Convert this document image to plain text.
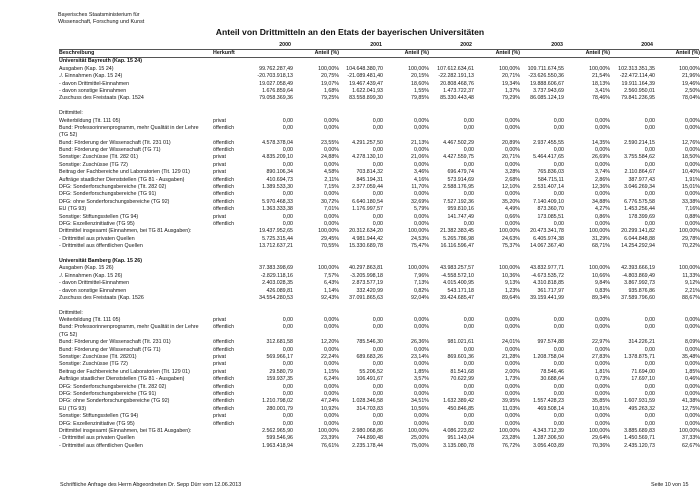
Bayerisches Staatsministerium für
Wissenschaft, Forschung und Kunst
Anteil von Drittmitteln an den Etats der bayerischen Universitäten
2000	2001	2002	2003	2004
Beschreibung	Herkunft	Anteil (%)	Anteil (%)	Anteil (%)	Anteil (%)	Anteil (%)
Universität Bayreuth (Kap. 15 24)
Ausgaben (Kap. 15 24)	99.762.287,49	100,00%	104.648.380,70	100,00%	107.612.634,61	100,00%	109.711.674,55	100,00%	102.313.351,35	100,00%
./. Einnahmen (Kap. 15 24)	-20.703.918,13	20,75%	-21.089.481,40	20,15%	-22.282.191,13	20,71%	-23.626.550,36	21,54%	-22.472.114,40	21,96%
- davon Drittmittel-Einnahmen	19.027.058,49	19,07%	19.467.439,47	18,60%	20.808.468,76	19,34%	19.888.606,67	18,13%	19.911.164,39	19,46%
- davon sonstige Einnahmen	1.676.859,64	1,68%	1.622.041,93	1,55%	1.473.722,37	1,37%	3.737.943,69	3,41%	2.560.950,01	2,50%
Zuschuss des Freistaats (Kap. 1524	79.058.369,36	79,25%	83.558.899,30	79,85%	85.330.443,48	79,29%	86.085.124,19	78,46%	79.841.236,95	78,04%
Drittmittel:
Weiterbildung (Tit. 111 05)	privat	0,00	0,00%	0,00	0,00%	0,00	0,00%	0,00	0,00%	0,00	0,00%
Bund: Professorinnenprogramm, mehr Qualität in der Lehre
(TG 52)
öffentlich	0,00	0,00%	0,00	0,00%	0,00	0,00%	0,00	0,00%	0,00	0,00%
Bund: Förderung der Wissenschaft (Tit. 231 01)	öffentlich	4.578.378,04	23,55%	4.291.257,50	21,13%	4.467.502,29	20,89%	2.937.455,55	14,35%	2.590.214,15	12,76%
Bund: Förderung der Wissenschaft (TG 71)	öffentlich	0,00	0,00%	0,00	0,00%	0,00	0,00%	0,00	0,00%	0,00	0,00%
Sonstige: Zuschüsse (Tit. 282 01)	privat	4.835.209,10	24,88%	4.278.130,10	21,06%	4.427.559,75	20,71%	5.464.417,65	26,69%	3.755.584,62	18,50%
Sonstige: Zuschüsse (TG 72)	privat	0,00	0,00%	0,00	0,00%	0,00	0,00%	0,00	0,00%	0,00	0,00%
Beitrag der Fachbereiche und Laboratorien (Tit. 129 01)	privat	890.106,34	4,58%	703.814,32	3,46%	696.479,74	3,28%	765.836,03	3,74%	2.110.864,67	10,40%
Aufträge staatlicher Dienststellen (TG 81 - Ausgaben)	öffentlich	410.694,73	2,11%	845.194,31	4,16%	573.914,69	2,68%	584.715,11	2,86%	387.977,43	1,91%
DFG: Sonderforschungsbereiche (Tit. 282 02)	öffentlich	1.389.533,30	7,15%	2.377.059,44	11,70%	2.588.176,95	12,10%	2.531.407,14	12,36%	3.046.269,34	15,01%
DFG: Sonderforschungsbereiche (TG 91)	öffentlich	0,00	0,00%	0,00	0,00%	0,00	0,00%	0,00	0,00%	0,00	0,00%
DFG: ohne Sonderforschungsbereiche (TG 92)	öffentlich	5.970.468,33	30,72%	6.640.180,54	32,69%	7.527.192,36	35,20%	7.140.409,10	34,88%	6.776.575,58	33,38%
EU (TG 93)	öffentlich	1.363.333,38	7,01%	1.176.997,57	5,79%	959.810,16	4,49%	873.360,70	4,27%	1.453.256,44	7,16%
Sonstige: Stiftungsstellen (TG 94)	privat	0,00	0,00%	0,00	0,00%	141.747,49	0,66%	173.085,51	0,86%	178.399,69	0,88%
DFG: Exzellenzinitiative (TG 95)	öffentlich	0,00	0,00%	0,00	0,00%	0,00	0,00%	0,00	0,00%	0,00	0,00%
Drittmittel insgesamt (Einnahmen, bei TG 81 Ausgaben):	19.437.952,65	100,00%	20.312.634,20	100,00%	21.382.383,45	100,00%	20.473.341,78	100,00%	20.299.141,82	100,00%
- Drittmittel aus privaten Quellen	5.725.315,44	29,45%	4.981.944,42	24,53%	5.265.786,98	24,63%	6.405.974,38	31,29%	6.044.848,88	29,78%
- Drittmittel aus öffentlichen Quellen	13.712.637,21	70,55%	15.330.689,78	75,47%	16.116.596,47	75,37%	14.067.367,40	68,71%	14.254.292,94	70,22%
Universität Bamberg (Kap. 15 26)
Ausgaben (Kap. 15 26)	37.383.398,69	100,00%	40.297.863,81	100,00%	43.983.257,57	100,00%	43.832.977,71	100,00%	42.393.666,19	100,00%
./. Einnahmen (Kap. 15 26)	-2.829.118,16	7,57%	-3.205.998,18	7,96%	-4.558.572,10	10,36%	-4.673.535,72	10,66%	-4.803.869,49	11,33%
- davon Drittmittel-Einnahmen	2.403.028,35	6,43%	2.873.577,19	7,13%	4.015.400,95	9,13%	4.310.818,85	9,84%	3.867.992,73	9,12%
- davon sonstige Einnahmen	426.089,81	1,14%	332.420,99	0,82%	543.171,18	1,23%	361.717,97	0,83%	935.876,86	2,21%
Zuschuss des Freistaats (Kap. 1526	34.554.280,53	92,43%	37.091.865,63	92,04%	39.424.685,47	89,64%	39.159.441,99	89,34%	37.589.796,60	88,67%
Drittmittel:
Weiterbildung (Tit. 111 05)	privat	0,00	0,00%	0,00	0,00%	0,00	0,00%	0,00	0,00%	0,00	0,00%
Bund: Professorinnenprogramm, mehr Qualität in der Lehre
(TG 52)
öffentlich	0,00	0,00%	0,00	0,00%	0,00	0,00%	0,00	0,00%	0,00	0,00%
Bund: Förderung der Wissenschaft (Tit. 231 01)	öffentlich	312.681,58	12,20%	785.546,30	26,36%	981.021,61	24,01%	997.574,88	22,97%	314.226,21	8,09%
Bund: Förderung der Wissenschaft (TG 71)	öffentlich	0,00	0,00%	0,00	0,00%	0,00	0,00%	0,00	0,00%	0,00	0,00%
Sonstige: Zuschüsse (Tit. 28201)	privat	569.966,17	22,24%	689.683,26	23,14%	869.601,36	21,28%	1.208.758,04	27,83%	1.378.875,71	35,48%
Sonstige: Zuschüsse (TG 72)	privat	0,00	0,00%	0,00	0,00%	0,00	0,00%	0,00	0,00%	0,00	0,00%
Beitrag der Fachbereiche und Laboratorien (Tit. 129 01)	privat	29.580,79	1,15%	55.206,52	1,85%	81.541,68	2,00%	78.546,46	1,81%	71.694,00	1,85%
Aufträge staatlicher Dienststellen (TG 81 - Ausgaben)	öffentlich	159.937,35	6,24%	106.491,67	3,57%	70.622,99	1,73%	30.688,64	0,73%	17.697,10	0,46%
DFG: Sonderforschungsbereiche (Tit. 282 02)	öffentlich	0,00	0,00%	0,00	0,00%	0,00	0,00%	0,00	0,00%	0,00	0,00%
DFG: Sonderforschungsbereiche (TG 91)	öffentlich	0,00	0,00%	0,00	0,00%	0,00	0,00%	0,00	0,00%	0,00	0,00%
DFG: ohne Sonderforschungsbereiche (TG 92)	öffentlich	1.210.798,02	47,24%	1.028.346,58	34,51%	1.632.389,42	39,95%	1.557.428,23	35,85%	1.607.931,59	41,38%
EU (TG 93)	öffentlich	280.001,79	10,92%	314.703,83	10,56%	450.846,85	11,03%	469.508,14	10,81%	495.263,32	12,75%
Sonstige: Stiftungsstellen (TG 94)	privat	0,00	0,00%	0,00	0,00%	0,00	0,00%	0,00	0,00%	0,00	0,00%
DFG: Exzellenzinitiative (TG 95)	öffentlich	0,00	0,00%	0,00	0,00%	0,00	0,00%	0,00	0,00%	0,00	0,00%
Drittmittel insgesamt (Einnahmen, bei TG 81 Ausgaben):	2.562.965,90	100,00%	2.980.068,86	100,00%	4.086.223,82	100,00%	4.343.712,39	100,00%	3.885.689,83	100,00%
- Drittmittel aus privaten Quellen	599.546,96	23,39%	744.890,48	25,00%	951.143,04	23,28%	1.287.306,50	29,64%	1.450.569,71	37,33%
- Drittmittel aus öffentlichen Quellen	1.963.418,94	76,61%	2.235.178,44	75,00%	3.135.080,78	76,72%	3.056.403,89	70,36%	2.435.120,73	62,67%
Schriftliche Anfrage des Herrn Abgeordneten Dr. Sepp Dürr vom 12.06.2013	Seite 10 von 15
